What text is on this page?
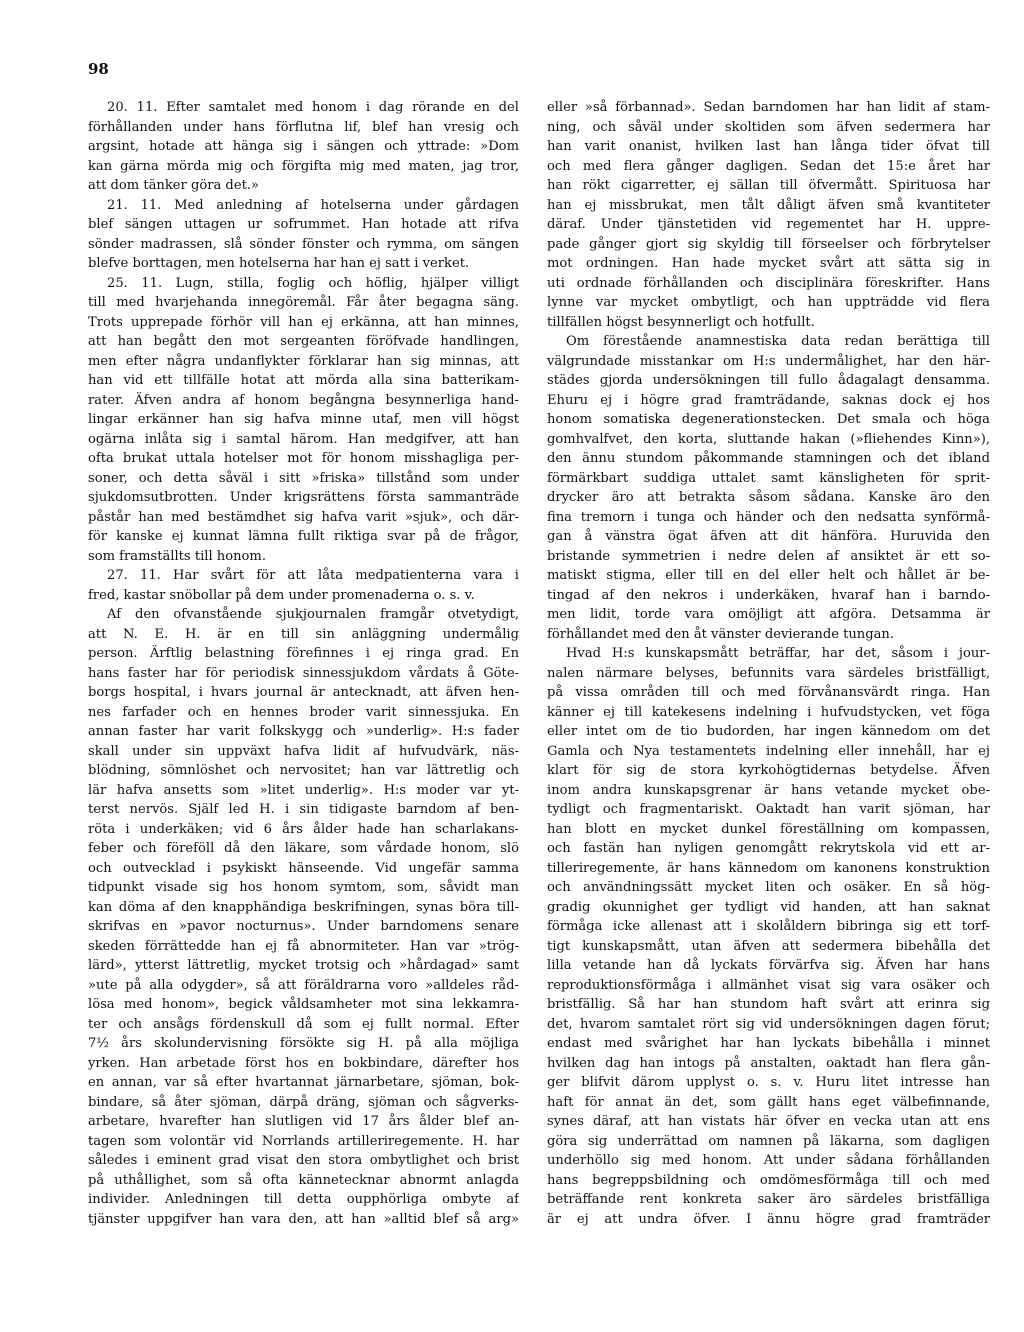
98
20. 11. Efter samtalet med honom i dag rörande en del
förhållanden under hans förflutna lif, blef han vresig och
argsint, hotade att hänga sig i sängen och yttrade: »Dom
kan gärna mörda mig och förgifta mig med maten, jag tror,
att dom tänker göra det.»
21. 11. Med anledning af hotelserna under gårdagen
blef sängen uttagen ur sofrummet. Han hotade att rifva
sönder madrassen, slå sönder fönster och rymma, om sängen
blefve borttagen, men hotelserna har han ej satt i verket.
25. 11. Lugn, stilla, foglig och höflig, hjälper villigt
till med hvarjehanda innegöremål. Får åter begagna säng.
Trots upprepade förhör vill han ej erkänna, att han minnes,
att han begått den mot sergeanten föröfvade handlingen,
men efter några undanflykter förklarar han sig minnas, att
han vid ett tillfälle hotat att mörda alla sina batterikam-
rater. Äfven andra af honom begångna besynnerliga hand-
lingar erkänner han sig hafva minne utaf, men vill högst
ogärna inlåta sig i samtal härom. Han medgifver, att han
ofta brukat uttala hotelser mot för honom misshagliga per-
soner, och detta såväl i sitt »friska» tillstånd som under
sjukdomsutbrotten. Under krigsrättens första sammanträde
påstår han med bestämdhet sig hafva varit »sjuk», och där-
för kanske ej kunnat lämna fullt riktiga svar på de frågor,
som framställts till honom.
27. 11. Har svårt för att låta medpatienterna vara i
fred, kastar snöbollar på dem under promenaderna o. s. v.
Af den ofvanstående sjukjournalen framgår otvetydigt,
att N. E. H. är en till sin anläggning undermålig
person. Ärftlig belastning förefinnes i ej ringa grad. En
hans faster har för periodisk sinnessjukdom vårdats å Göte-
borgs hospital, i hvars journal är antecknadt, att äfven hen-
nes farfader och en hennes broder varit sinnessjuka. En
annan faster har varit folkskygg och »underlig». H:s fader
skall under sin uppväxt hafva lidit af hufvudvärk, näs-
blödning, sömnlöshet och nervositet; han var lättretlig och
lär hafva ansetts som »litet underlig». H:s moder var yt-
terst nervös. Själf led H. i sin tidigaste barndom af ben-
röta i underkäken; vid 6 års ålder hade han scharlakans-
feber och föreföll då den läkare, som vårdade honom, slö
och outvecklad i psykiskt hänseende. Vid ungefär samma
tidpunkt visade sig hos honom symtom, som, såvidt man
kan döma af den knapphändiga beskrifningen, synas böra till-
skrifvas en »pavor nocturnus». Under barndomens senare
skeden förrättedde han ej få abnormiteter. Han var »trög-
lärd», ytterst lättretlig, mycket trotsig och »hårdagad» samt
»ute på alla odygder», så att föräldrarna voro »alldeles råd-
lösa med honom», begick våldsamheter mot sina lekkamra-
ter och ansågs fördenskull då som ej fullt normal. Efter
7½ års skolundervisning försökte sig H. på alla möjliga
yrken. Han arbetade först hos en bokbindare, därefter hos
en annan, var så efter hvartannat järnarbetare, sjöman, bok-
bindare, så åter sjöman, därpå dräng, sjöman och sågverks-
arbetare, hvarefter han slutligen vid 17 års ålder blef an-
tagen som volontär vid Norrlands artilleriregemente. H. har
således i eminent grad visat den stora ombytlighet och brist
på uthållighet, som så ofta kännetecknar abnormt anlagda
individer. Anledningen till detta oupphörliga ombyte af
tjänster uppgifver han vara den, att han »alltid blef så arg»
eller »så förbannad». Sedan barndomen har han lidit af stam-
ning, och såväl under skoltiden som äfven sedermera har
han varit onanist, hvilken last han långa tider öfvat till
och med flera gånger dagligen. Sedan det 15:e året har
han rökt cigarretter, ej sällan till öfvermått. Spirituosa har
han ej missbrukat, men tålt dåligt äfven små kvantiteter
däraf. Under tjänstetiden vid regementet har H. uppre-
pade gånger gjort sig skyldig till förseelser och förbrytelser
mot ordningen. Han hade mycket svårt att sätta sig in
uti ordnade förhållanden och disciplinära föreskrifter. Hans
lynne var mycket ombytligt, och han uppträdde vid flera
tillfällen högst besynnerligt och hotfullt.
Om förestående anamnestiska data redan berättiga till
välgrundade misstankar om H:s undermålighet, har den här-
städes gjorda undersökningen till fullo ådagalagt densamma.
Ehuru ej i högre grad framträdande, saknas dock ej hos
honom somatiska degenerationstecken. Det smala och höga
gomhvalfvet, den korta, sluttande hakan (»fliehendes Kinn»),
den ännu stundom påkommande stamningen och det ibland
förmärkbart suddiga uttalet samt känsligheten för sprit-
drycker äro att betrakta såsom sådana. Kanske äro den
fina tremorn i tunga och händer och den nedsatta synförmå-
gan å vänstra ögat äfven att dit hänföra. Huruvida den
bristande symmetrien i nedre delen af ansiktet är ett so-
matiskt stigma, eller till en del eller helt och hållet är be-
tingad af den nekros i underkäken, hvaraf han i barndo-
men lidit, torde vara omöjligt att afgöra. Detsamma är
förhållandet med den åt vänster devierande tungan.
Hvad H:s kunskapsmått beträffar, har det, såsom i jour-
nalen närmare belyses, befunnits vara särdeles bristfälligt,
på vissa områden till och med förvånansvärdt ringa. Han
känner ej till katekesens indelning i hufvudstycken, vet föga
eller intet om de tio budorden, har ingen kännedom om det
Gamla och Nya testamentets indelning eller innehåll, har ej
klart för sig de stora kyrkohögtidernas betydelse. Äfven
inom andra kunskapsgrenar är hans vetande mycket obe-
tydligt och fragmentariskt. Oaktadt han varit sjöman, har
han blott en mycket dunkel föreställning om kompassen,
och fastän han nyligen genomgått rekrytskola vid ett ar-
tilleriregemente, är hans kännedom om kanonens konstruktion
och användningssätt mycket liten och osäker. En så hög-
gradig okunnighet ger tydligt vid handen, att han saknat
förmåga icke allenast att i skolåldern bibringa sig ett torf-
tigt kunskapsmått, utan äfven att sedermera bibehålla det
lilla vetande han då lyckats förvärfva sig. Äfven har hans
reproduktionsförmåga i allmänhet visat sig vara osäker och
bristfällig. Så har han stundom haft svårt att erinra sig
det, hvarom samtalet rört sig vid undersökningen dagen förut;
endast med svårighet har han lyckats bibehålla i minnet
hvilken dag han intogs på anstalten, oaktadt han flera gån-
ger blifvit därom upplyst o. s. v. Huru litet intresse han
haft för annat än det, som gällt hans eget välbefinnande,
synes däraf, att han vistats här öfver en vecka utan att ens
göra sig underrättad om namnen på läkarna, som dagligen
underhöllo sig med honom. Att under sådana förhållanden
hans begreppsbildning och omdömesförmåga till och med
beträffande rent konkreta saker äro särdeles bristfälliga
är ej att undra öfver. I ännu högre grad framträder
